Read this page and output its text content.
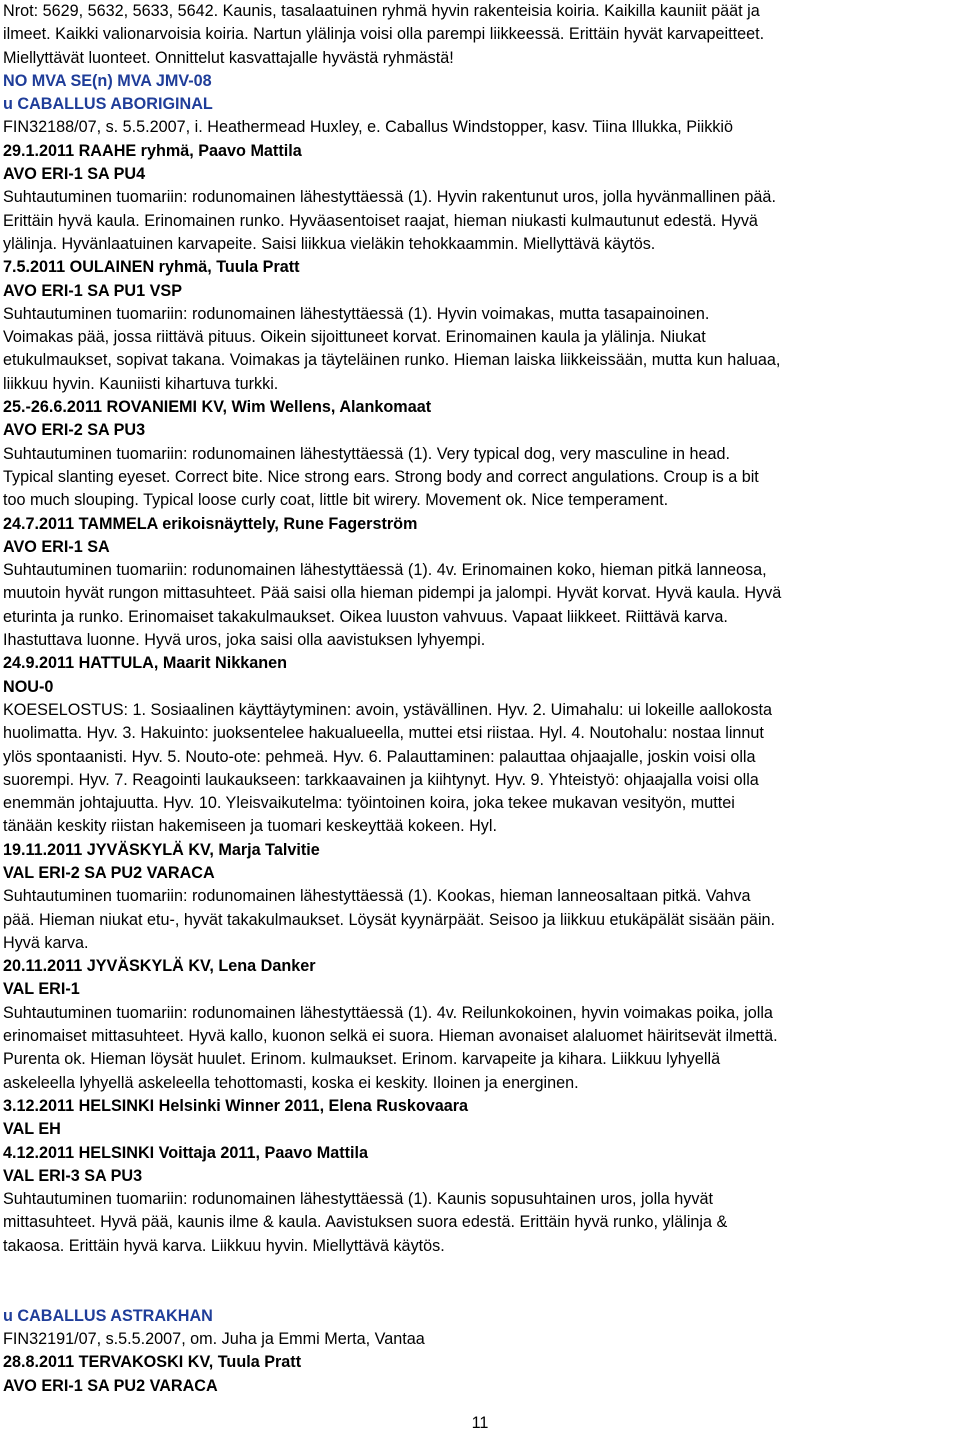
Nrot: 5629, 5632, 5633, 5642. Kaunis, tasalaatuinen ryhmä hyvin rakenteisia koiria. Kaikilla kauniit päät ja
ilmeet. Kaikki valionarvoisia koiria. Nartun ylälinja voisi olla parempi liikkeessä. Erittäin hyvät karvapeitteet.
Miellyttävät luonteet. Onnittelut kasvattajalle hyvästä ryhmästä!
NO MVA SE(n) MVA JMV-08
u CABALLUS ABORIGINAL
FIN32188/07, s. 5.5.2007, i. Heathermead Huxley, e. Caballus Windstopper, kasv. Tiina Illukka, Piikkiö
29.1.2011 RAAHE ryhmä, Paavo Mattila
AVO ERI-1 SA PU4
Suhtautuminen tuomariin: rodunomainen lähestyttäessä (1). Hyvin rakentunut uros, jolla hyvänmallinen pää.
Erittäin hyvä kaula. Erinomainen runko. Hyväasentoiset raajat, hieman niukasti kulmautunut edestä. Hyvä
ylälinja. Hyvänlaatuinen karvapeite. Saisi liikkua vieläkin tehokkaammin. Miellyttävä käytös.
7.5.2011 OULAINEN ryhmä, Tuula Pratt
AVO ERI-1 SA PU1 VSP
Suhtautuminen tuomariin: rodunomainen lähestyttäessä (1). Hyvin voimakas, mutta tasapainoinen.
Voimakas pää, jossa riittävä pituus. Oikein sijoittuneet korvat. Erinomainen kaula ja ylälinja. Niukat
etukulmaukset, sopivat takana. Voimakas ja täyteläinen runko. Hieman laiska liikkeissään, mutta kun haluaa,
liikkuu hyvin. Kauniisti kihartuva turkki.
25.-26.6.2011 ROVANIEMI KV, Wim Wellens, Alankomaat
AVO ERI-2 SA PU3
Suhtautuminen tuomariin: rodunomainen lähestyttäessä (1). Very typical dog, very masculine in head.
Typical slanting eyeset. Correct bite. Nice strong ears. Strong body and correct angulations. Croup is a bit
too much slouping. Typical loose curly coat, little bit wirery. Movement ok. Nice temperament.
24.7.2011 TAMMELA erikoisnäyttely, Rune Fagerström
AVO ERI-1 SA
Suhtautuminen tuomariin: rodunomainen lähestyttäessä (1). 4v. Erinomainen koko, hieman pitkä lanneosa,
muutoin hyvät rungon mittasuhteet. Pää saisi olla hieman pidempi ja jalompi. Hyvät korvat. Hyvä kaula. Hyvä
eturinta ja runko. Erinomaiset takakulmaukset. Oikea luuston vahvuus. Vapaat liikkeet. Riittävä karva.
Ihastuttava luonne. Hyvä uros, joka saisi olla aavistuksen lyhyempi.
24.9.2011 HATTULA, Maarit Nikkanen
NOU-0
KOESELOSTUS: 1. Sosiaalinen käyttäytyminen: avoin, ystävällinen. Hyv. 2. Uimahalu: ui lokeille aallokosta
huolimatta. Hyv. 3. Hakuinto: juoksentelee hakualueella, muttei etsi riistaa. Hyl. 4. Noutohalu: nostaa linnut
ylös spontaanisti. Hyv. 5. Nouto-ote: pehmeä. Hyv. 6. Palauttaminen: palauttaa ohjaajalle, joskin voisi olla
suorempi. Hyv. 7. Reagointi laukaukseen: tarkkaavainen ja kiihtynyt. Hyv. 9. Yhteistyö: ohjaajalla voisi olla
enemmän johtajuutta. Hyv. 10. Yleisvaikutelma: työintoinen koira, joka tekee mukavan vesityön, muttei
tänään keskity riistan hakemiseen ja tuomari keskeyttää kokeen. Hyl.
19.11.2011 JYVÄSKYLÄ KV, Marja Talvitie
VAL ERI-2 SA PU2 VARACA
Suhtautuminen tuomariin: rodunomainen lähestyttäessä (1). Kookas, hieman lanneosaltaan pitkä. Vahva
pää. Hieman niukat etu-, hyvät takakulmaukset. Löysät kyynärpäät. Seisoo ja liikkuu etukäpälät sisään päin.
Hyvä karva.
20.11.2011 JYVÄSKYLÄ KV, Lena Danker
VAL ERI-1
Suhtautuminen tuomariin: rodunomainen lähestyttäessä (1). 4v. Reilunkokoinen, hyvin voimakas poika, jolla
erinomaiset mittasuhteet. Hyvä kallo, kuonon selkä ei suora. Hieman avonaiset alaluomet häiritsevät ilmettä.
Purenta ok. Hieman löysät huulet. Erinom. kulmaukset. Erinom. karvapeite ja kihara. Liikkuu lyhyellä
askeleella lyhyellä askeleella tehottomasti, koska ei keskity. Iloinen ja energinen.
3.12.2011 HELSINKI Helsinki Winner 2011, Elena Ruskovaara
VAL EH
4.12.2011 HELSINKI Voittaja 2011, Paavo Mattila
VAL ERI-3 SA PU3
Suhtautuminen tuomariin: rodunomainen lähestyttäessä (1). Kaunis sopusuhtainen uros, jolla hyvät
mittasuhteet. Hyvä pää, kaunis ilme & kaula. Aavistuksen suora edestä. Erittäin hyvä runko, ylälinja &
takaosa. Erittäin hyvä karva. Liikkuu hyvin. Miellyttävä käytös.
u CABALLUS ASTRAKHAN
FIN32191/07, s.5.5.2007, om. Juha ja Emmi Merta, Vantaa
28.8.2011 TERVAKOSKI KV, Tuula Pratt
AVO ERI-1 SA PU2 VARACA
11
